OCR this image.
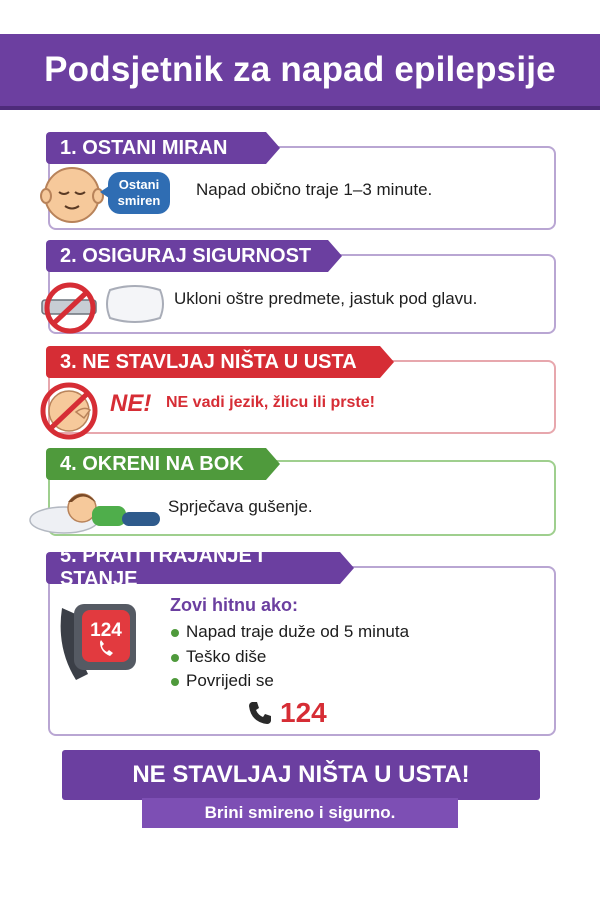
Podsjetnik za napad epilepsije
1. OSTANI MIRAN
Ostani
smiren
Napad obično traje 1–3 minute.
2. OSIGURAJ SIGURNOST
Ukloni oštre predmete, jastuk pod glavu.
3. NE STAVLJAJ NIŠTA U USTA
NE! NE vadi jezik, žlicu ili prste!
4. OKRENI NA BOK
Sprječava gušenje.
5. PRATI TRAJANJE I STANJE
124
Zovi hitnu ako:
Napad traje duže od 5 minuta
Teško diše
Povrijedi se
124
NE STAVLJAJ NIŠTA U USTA!
Brini smireno i sigurno.
